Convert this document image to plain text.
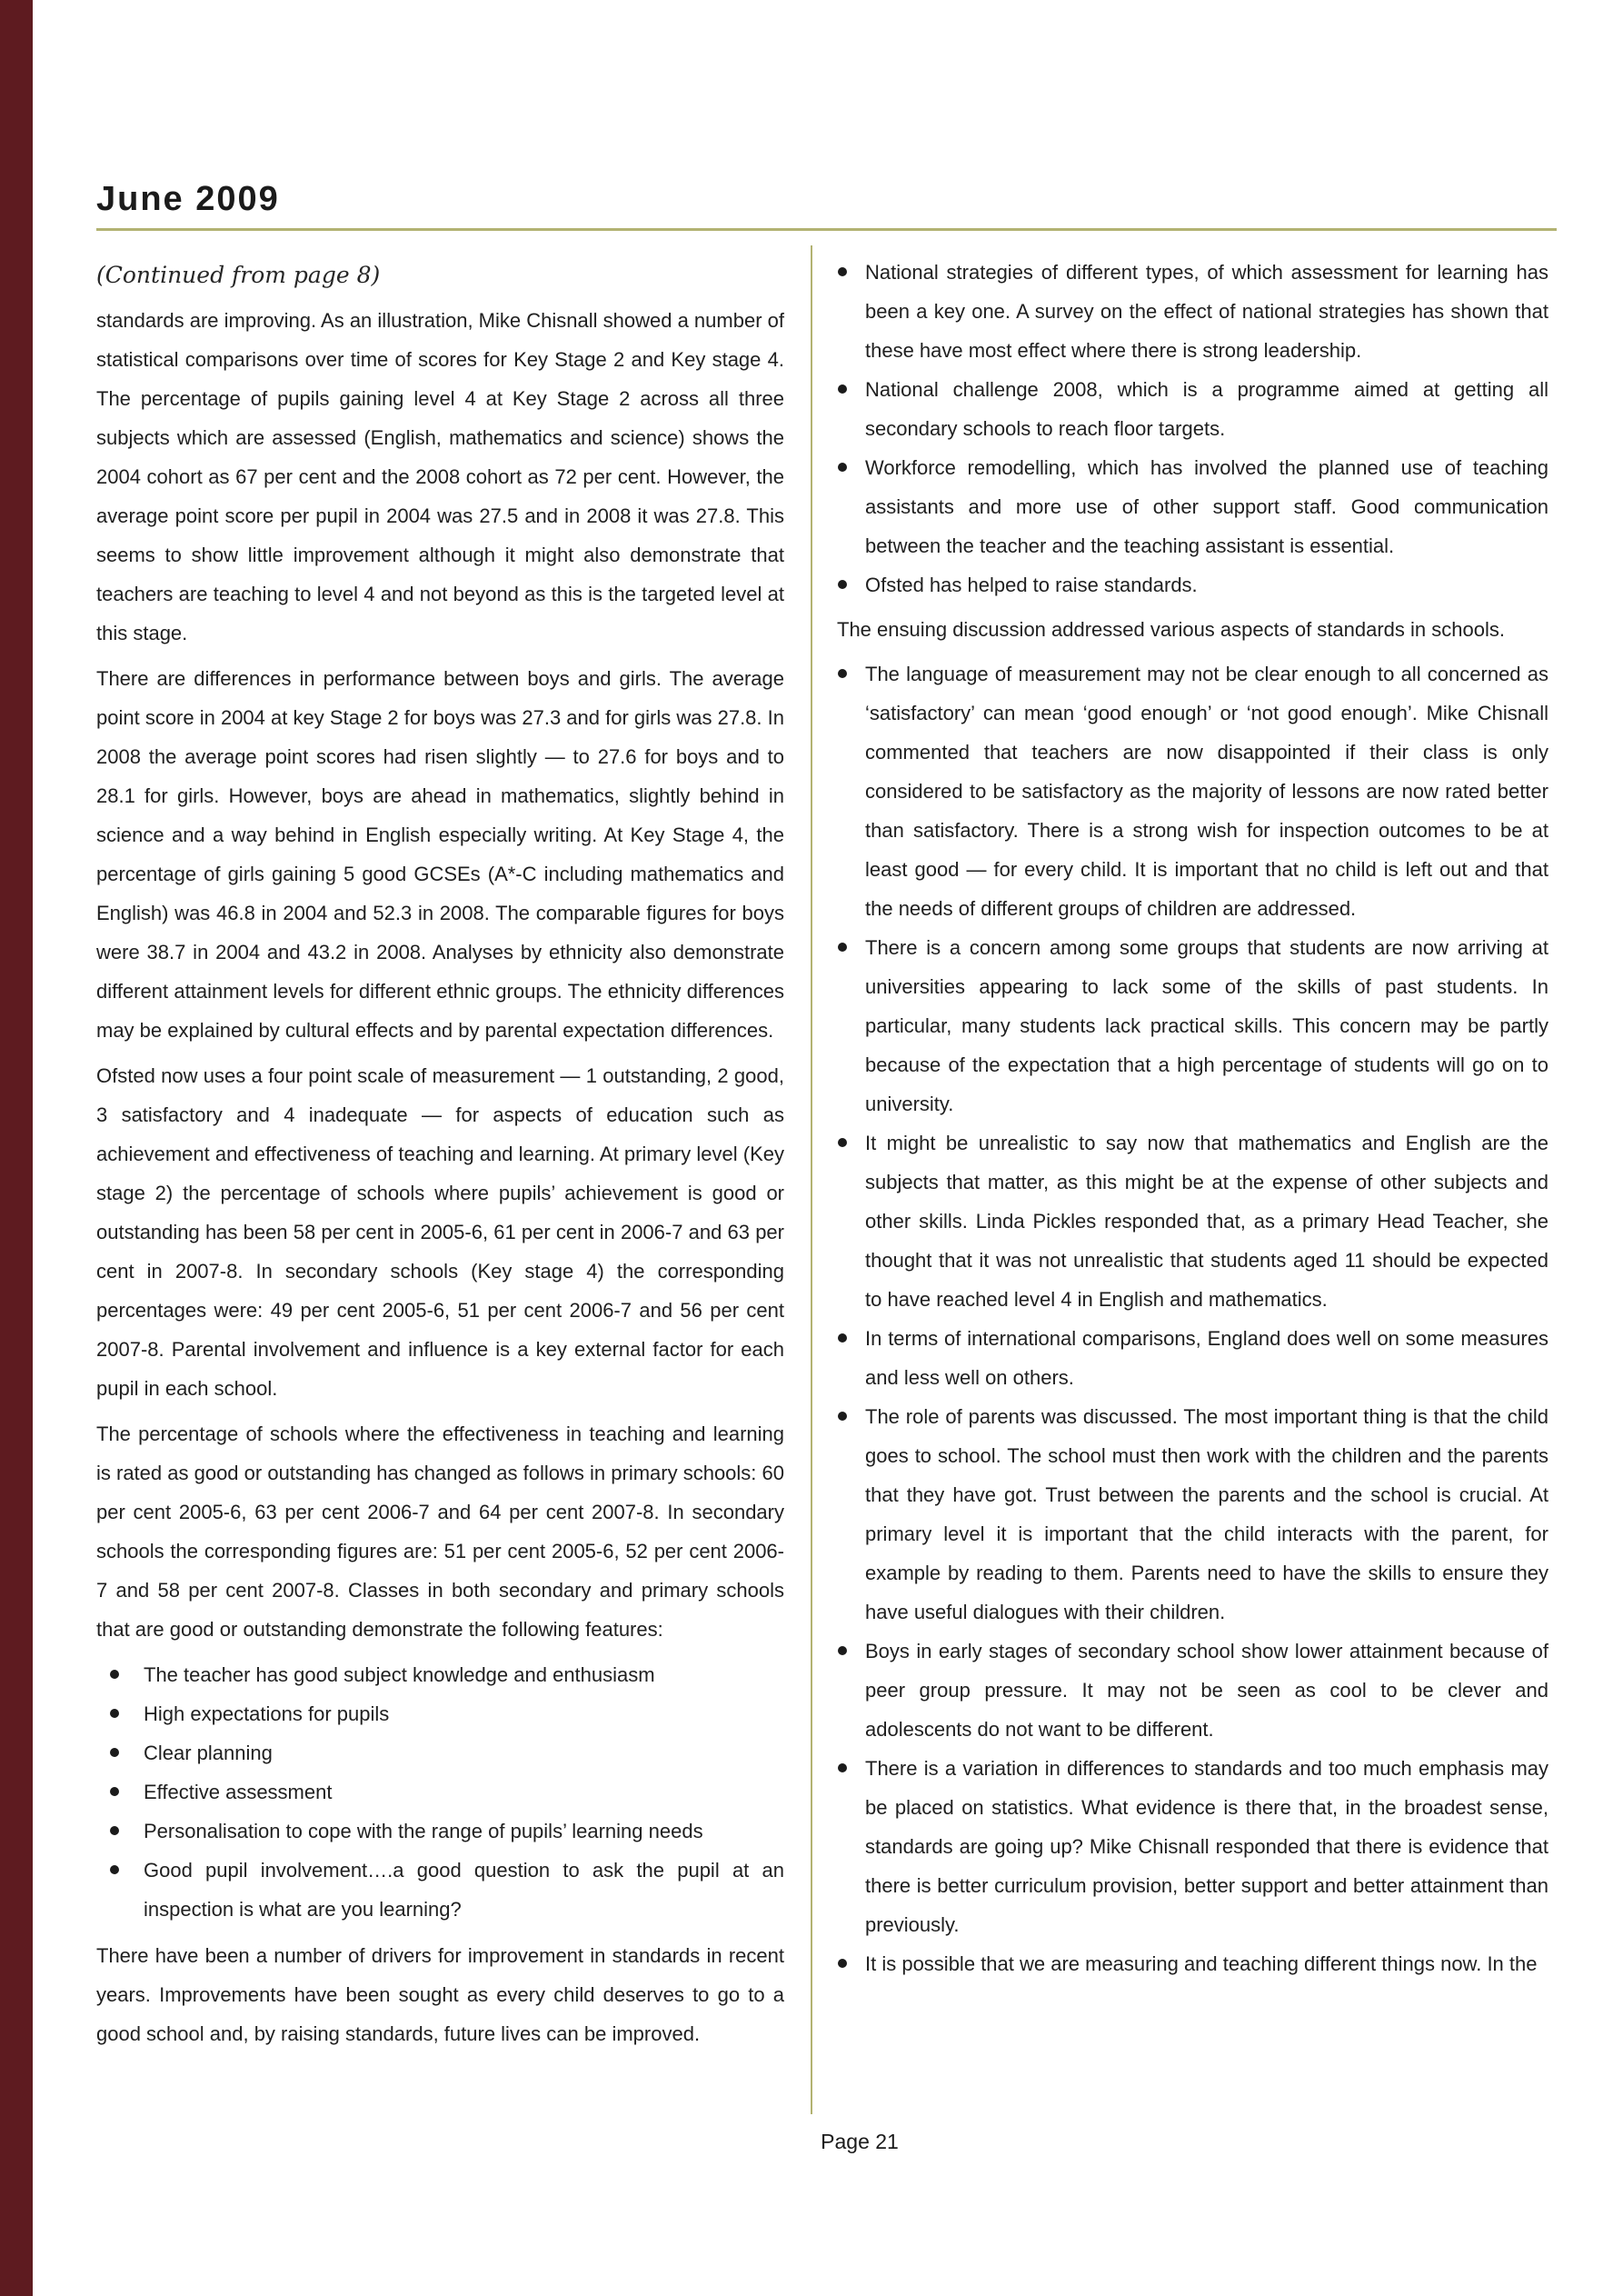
June 2009
(Continued from page 8)

standards are improving. As an illustration, Mike Chisnall showed a number of statistical comparisons over time of scores for Key Stage 2 and Key stage 4. The percentage of pupils gaining level 4 at Key Stage 2 across all three subjects which are assessed (English, mathematics and science) shows the 2004 cohort as 67 per cent and the 2008 cohort as 72 per cent. However, the average point score per pupil in 2004 was 27.5 and in 2008 it was 27.8. This seems to show little improvement although it might also demonstrate that teachers are teaching to level 4 and not beyond as this is the targeted level at this stage.

There are differences in performance between boys and girls. The average point score in 2004 at key Stage 2 for boys was 27.3 and for girls was 27.8. In 2008 the average point scores had risen slightly — to 27.6 for boys and to 28.1 for girls. However, boys are ahead in mathematics, slightly behind in science and a way behind in English especially writing. At Key Stage 4, the percentage of girls gaining 5 good GCSEs (A*-C including mathematics and English) was 46.8 in 2004 and 52.3 in 2008. The comparable figures for boys were 38.7 in 2004 and 43.2 in 2008. Analyses by ethnicity also demonstrate different attainment levels for different ethnic groups. The ethnicity differences may be explained by cultural effects and by parental expectation differences.

Ofsted now uses a four point scale of measurement — 1 outstanding, 2 good, 3 satisfactory and 4 inadequate — for aspects of education such as achievement and effectiveness of teaching and learning. At primary level (Key stage 2) the percentage of schools where pupils’ achievement is good or outstanding has been 58 per cent in 2005-6, 61 per cent in 2006-7 and 63 per cent in 2007-8. In secondary schools (Key stage 4) the corresponding percentages were: 49 per cent 2005-6, 51 per cent 2006-7 and 56 per cent 2007-8. Parental involvement and influence is a key external factor for each pupil in each school.

The percentage of schools where the effectiveness in teaching and learning is rated as good or outstanding has changed as follows in primary schools: 60 per cent 2005-6, 63 per cent 2006-7 and 64 per cent 2007-8. In secondary schools the corresponding figures are: 51 per cent 2005-6, 52 per cent 2006-7 and 58 per cent 2007-8. Classes in both secondary and primary schools that are good or outstanding demonstrate the following features:

The teacher has good subject knowledge and enthusiasm
High expectations for pupils
Clear planning
Effective assessment
Personalisation to cope with the range of pupils’ learning needs
Good pupil involvement….a good question to ask the pupil at an inspection is what are you learning?

There have been a number of drivers for improvement in standards in recent years. Improvements have been sought as every child deserves to go to a good school and, by raising standards, future lives can be improved.

National strategies of different types, of which assessment for learning has been a key one. A survey on the effect of national strategies has shown that these have most effect where there is strong leadership.
National challenge 2008, which is a programme aimed at getting all secondary schools to reach floor targets.
Workforce remodelling, which has involved the planned use of teaching assistants and more use of other support staff. Good communication between the teacher and the teaching assistant is essential.
Ofsted has helped to raise standards.

The ensuing discussion addressed various aspects of standards in schools.

The language of measurement may not be clear enough to all concerned as ‘satisfactory’ can mean ‘good enough’ or ‘not good enough’. Mike Chisnall commented that teachers are now disappointed if their class is only considered to be satisfactory as the majority of lessons are now rated better than satisfactory. There is a strong wish for inspection outcomes to be at least good — for every child. It is important that no child is left out and that the needs of different groups of children are addressed.
There is a concern among some groups that students are now arriving at universities appearing to lack some of the skills of past students. In particular, many students lack practical skills. This concern may be partly because of the expectation that a high percentage of students will go on to university.
It might be unrealistic to say now that mathematics and English are the subjects that matter, as this might be at the expense of other subjects and other skills. Linda Pickles responded that, as a primary Head Teacher, she thought that it was not unrealistic that students aged 11 should be expected to have reached level 4 in English and mathematics.
In terms of international comparisons, England does well on some measures and less well on others.
The role of parents was discussed. The most important thing is that the child goes to school. The school must then work with the children and the parents that they have got. Trust between the parents and the school is crucial. At primary level it is important that the child interacts with the parent, for example by reading to them. Parents need to have the skills to ensure they have useful dialogues with their children.
Boys in early stages of secondary school show lower attainment because of peer group pressure. It may not be seen as cool to be clever and adolescents do not want to be different.
There is a variation in differences to standards and too much emphasis may be placed on statistics. What evidence is there that, in the broadest sense, standards are going up? Mike Chisnall responded that there is evidence that there is better curriculum provision, better support and better attainment than previously.
It is possible that we are measuring and teaching different things now. In the
Page 21
